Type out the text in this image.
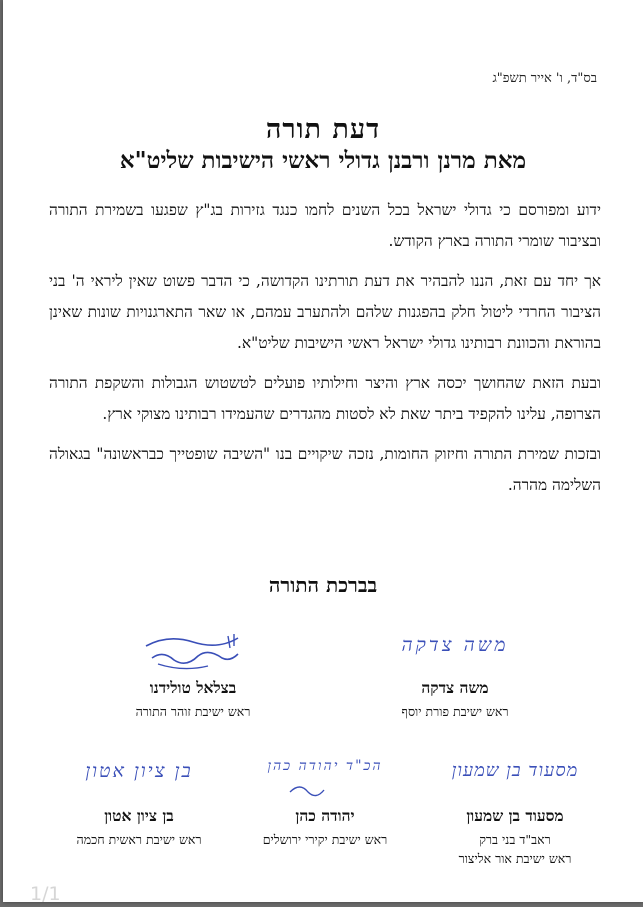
בס"ד, ו' אייר תשפ"ג
דעת תורה
מאת מרנן ורבנן גדולי ראשי הישיבות שליט"א

ידוע ומפורסם כי גדולי ישראל בכל השנים לחמו כנגד גזירות בג"ץ שפגעו בשמירת התורה ובציבור שומרי התורה בארץ הקודש.

אך יחד עם זאת, הננו להבהיר את דעת תורתינו הקדושה, כי הדבר פשוט שאין ליראי ה' בני הציבור החרדי ליטול חלק בהפגנות שלהם ולהתערב עמהם, או שאר התארגנויות שונות שאינן בהוראת והכוונת רבותינו גדולי ישראל ראשי הישיבות שליט"א.

ובעת הזאת שהחושך יכסה ארץ והיצר וחילותיו פועלים לטשטוש הגבולות והשקפת התורה הצרופה, עלינו להקפיד ביתר שאת לא לסטות מהגדרים שהעמידו רבותינו מצוקי ארץ.

ובזכות שמירת התורה וחיזוק החומות, נזכה שיקויים בנו "השיבה שופטייך כבראשונה" בגאולה השלימה מהרה.

בברכת התורה
בצלאל טולידנו
ראש ישיבת זוהר התורה
משה צדקה
משה צדקה
ראש ישיבת פורת יוסף
בן ציון אטון
בן ציון אטון
ראש ישיבת ראשית חכמה
הכ"ד יהודה כהן
יהודה כהן
ראש ישיבת יקירי ירושלים
מסעוד בן שמעון
מסעוד בן שמעון
ראב"ד בני ברק
ראש ישיבת אור אליצור
1/1
